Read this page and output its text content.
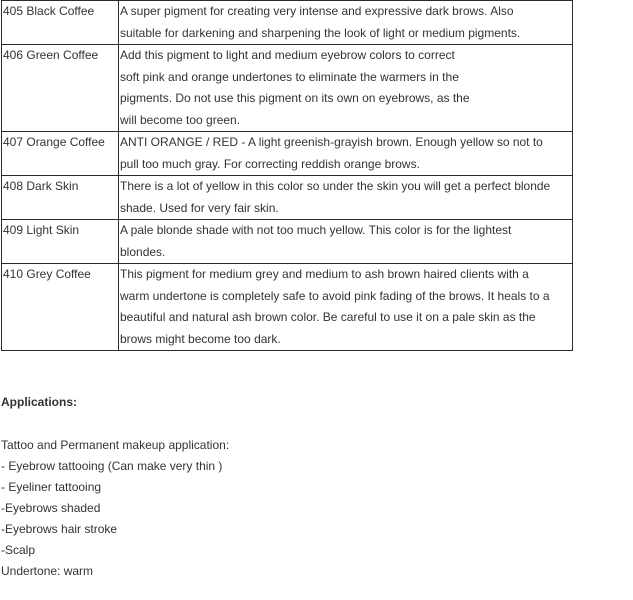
405 Black Coffee	A super pigment for creating very intense and expressive dark brows. Also
suitable for darkening and sharpening the look of light or medium pigments.

406 Green Coffee	Add this pigment to light and medium eyebrow colors to correct
soft pink and orange undertones to eliminate the warmers in the
pigments. Do not use this pigment on its own on eyebrows, as the
will become too green.

407 Orange Coffee	ANTI ORANGE / RED - A light greenish-grayish brown. Enough yellow so not to
pull too much gray. For correcting reddish orange brows.

408 Dark Skin	There is a lot of yellow in this color so under the skin you will get a perfect blonde
shade. Used for very fair skin.

409 Light Skin	A pale blonde shade with not too much yellow. This color is for the lightest
blondes.

410 Grey Coffee	This pigment for medium grey and medium to ash brown haired clients with a
warm undertone is completely safe to avoid pink fading of the brows. It heals to a
beautiful and natural ash brown color. Be careful to use it on a pale skin as the
brows might become too dark.
Applications:
Tattoo and Permanent makeup application:
- Eyebrow tattooing (Can make very thin )
- Eyeliner tattooing
-Eyebrows shaded
-Eyebrows hair stroke
-Scalp
Undertone: warm
